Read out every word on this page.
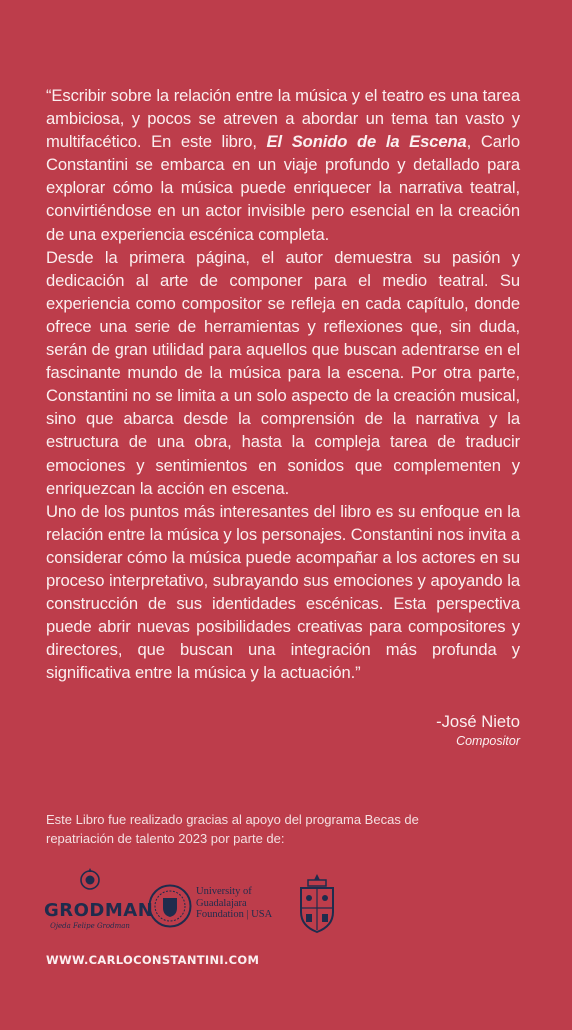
“Escribir sobre la relación entre la música y el teatro es una tarea ambiciosa, y pocos se atreven a abordar un tema tan vasto y multifacético. En este libro, El Sonido de la Escena, Carlo Constantini se embarca en un viaje profundo y detallado para explorar cómo la música puede enriquecer la narrativa teatral, convirtiéndose en un actor invisible pero esencial en la creación de una experiencia escénica completa.

Desde la primera página, el autor demuestra su pasión y dedicación al arte de componer para el medio teatral. Su experiencia como compositor se refleja en cada capítulo, donde ofrece una serie de herramientas y reflexiones que, sin duda, serán de gran utilidad para aquellos que buscan adentrarse en el fascinante mundo de la música para la escena. Por otra parte, Constantini no se limita a un solo aspecto de la creación musical, sino que abarca desde la comprensión de la narrativa y la estructura de una obra, hasta la compleja tarea de traducir emociones y sentimientos en sonidos que complementen y enriquezcan la acción en escena.

Uno de los puntos más interesantes del libro es su enfoque en la relación entre la música y los personajes. Constantini nos invita a considerar cómo la música puede acompañar a los actores en su proceso interpretativo, subrayando sus emociones y apoyando la construcción de sus identidades escénicas. Esta perspectiva puede abrir nuevas posibilidades creativas para compositores y directores, que buscan una integración más profunda y significativa entre la música y la actuación.”

-José Nieto
Compositor
Este Libro fue realizado gracias al apoyo del programa Becas de repatriación de talento 2023 por parte de:
GRODMAN
Ojeda Felipe Grodman
University of
Guadalajara
Foundation | USA
WWW.CARLOCONSTANTINI.COM
